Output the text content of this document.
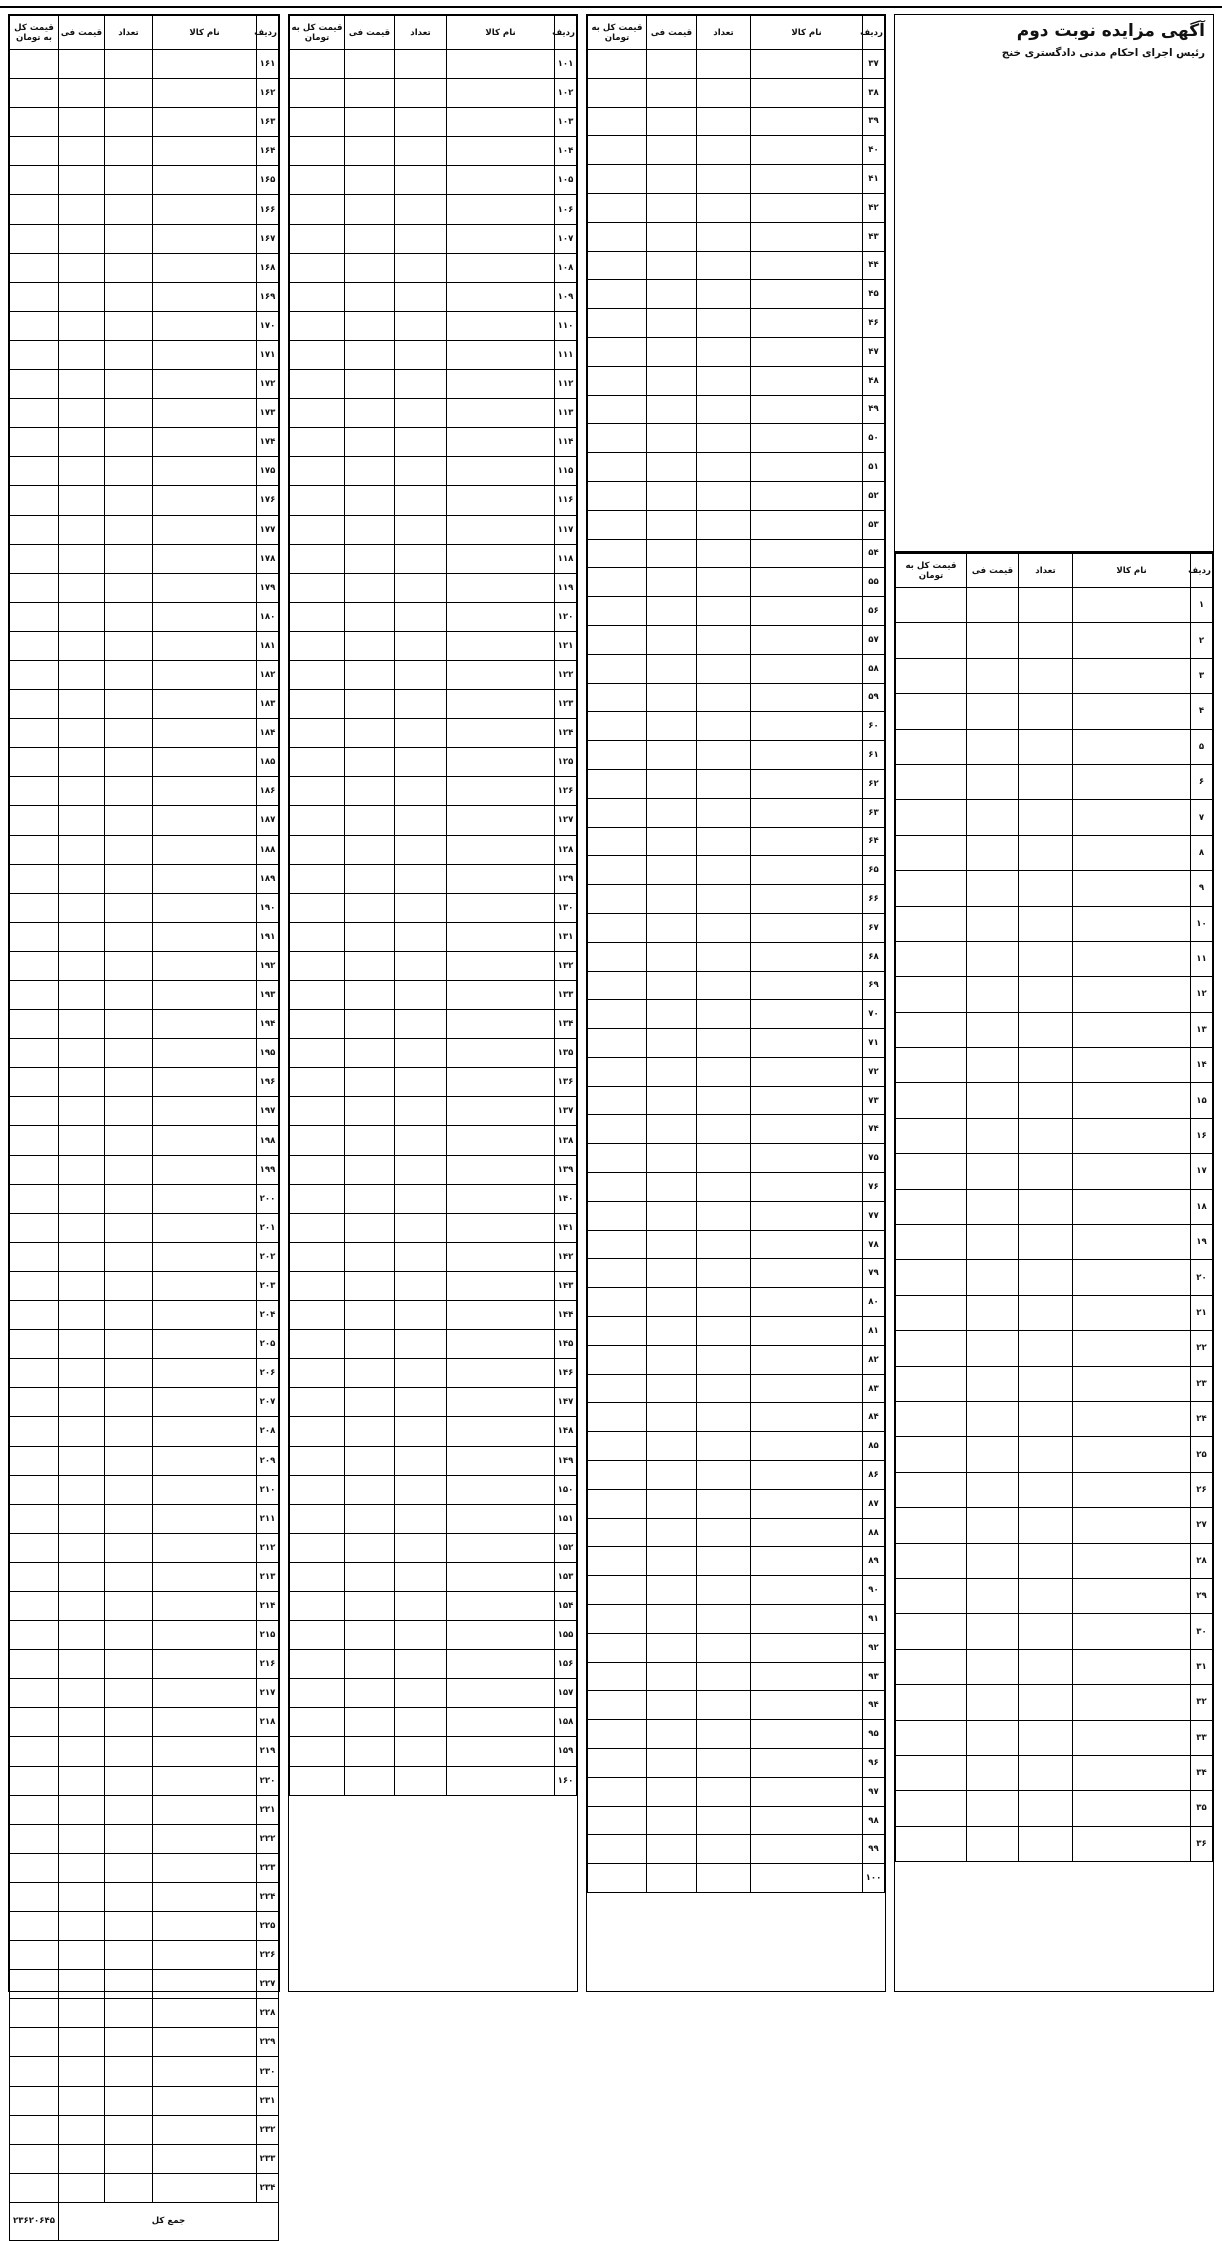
آگهی مزایده نوبت دوم

رئیس اجرای احکام مدنی دادگستری خنج

ردیف	نام کالا	تعداد	قیمت فی	قیمت کل به تومان
۱				
۲				
۳				
۴				
۵				
۶				
۷				
۸				
۹				
۱۰				
۱۱				
۱۲				
۱۳				
۱۴				
۱۵				
۱۶				
۱۷				
۱۸				
۱۹				
۲۰				
۲۱				
۲۲				
۲۳				
۲۴				
۲۵				
۲۶				
۲۷				
۲۸				
۲۹				
۳۰				
۳۱				
۳۲				
۳۳				
۳۴				
۳۵				
۳۶				
ردیف	نام کالا	تعداد	قیمت فی	قیمت کل به تومان
۳۷				
۳۸				
۳۹				
۴۰				
۴۱				
۴۲				
۴۳				
۴۴				
۴۵				
۴۶				
۴۷				
۴۸				
۴۹				
۵۰				
۵۱				
۵۲				
۵۳				
۵۴				
۵۵				
۵۶				
۵۷				
۵۸				
۵۹				
۶۰				
۶۱				
۶۲				
۶۳				
۶۴				
۶۵				
۶۶				
۶۷				
۶۸				
۶۹				
۷۰				
۷۱				
۷۲				
۷۳				
۷۴				
۷۵				
۷۶				
۷۷				
۷۸				
۷۹				
۸۰				
۸۱				
۸۲				
۸۳				
۸۴				
۸۵				
۸۶				
۸۷				
۸۸				
۸۹				
۹۰				
۹۱				
۹۲				
۹۳				
۹۴				
۹۵				
۹۶				
۹۷				
۹۸				
۹۹				
۱۰۰				
ردیف	نام کالا	تعداد	قیمت فی	قیمت کل به تومان
۱۰۱				
۱۰۲				
۱۰۳				
۱۰۴				
۱۰۵				
۱۰۶				
۱۰۷				
۱۰۸				
۱۰۹				
۱۱۰				
۱۱۱				
۱۱۲				
۱۱۳				
۱۱۴				
۱۱۵				
۱۱۶				
۱۱۷				
۱۱۸				
۱۱۹				
۱۲۰				
۱۲۱				
۱۲۲				
۱۲۳				
۱۲۴				
۱۲۵				
۱۲۶				
۱۲۷				
۱۲۸				
۱۲۹				
۱۳۰				
۱۳۱				
۱۳۲				
۱۳۳				
۱۳۴				
۱۳۵				
۱۳۶				
۱۳۷				
۱۳۸				
۱۳۹				
۱۴۰				
۱۴۱				
۱۴۲				
۱۴۳				
۱۴۴				
۱۴۵				
۱۴۶				
۱۴۷				
۱۴۸				
۱۴۹				
۱۵۰				
۱۵۱				
۱۵۲				
۱۵۳				
۱۵۴				
۱۵۵				
۱۵۶				
۱۵۷				
۱۵۸				
۱۵۹				
۱۶۰				
ردیف	نام کالا	تعداد	قیمت فی	قیمت کل به تومان
۱۶۱				
۱۶۲				
۱۶۳				
۱۶۴				
۱۶۵				
۱۶۶				
۱۶۷				
۱۶۸				
۱۶۹				
۱۷۰				
۱۷۱				
۱۷۲				
۱۷۳				
۱۷۴				
۱۷۵				
۱۷۶				
۱۷۷				
۱۷۸				
۱۷۹				
۱۸۰				
۱۸۱				
۱۸۲				
۱۸۳				
۱۸۴				
۱۸۵				
۱۸۶				
۱۸۷				
۱۸۸				
۱۸۹				
۱۹۰				
۱۹۱				
۱۹۲				
۱۹۳				
۱۹۴				
۱۹۵				
۱۹۶				
۱۹۷				
۱۹۸				
۱۹۹				
۲۰۰				
۲۰۱				
۲۰۲				
۲۰۳				
۲۰۴				
۲۰۵				
۲۰۶				
۲۰۷				
۲۰۸				
۲۰۹				
۲۱۰				
۲۱۱				
۲۱۲				
۲۱۳				
۲۱۴				
۲۱۵				
۲۱۶				
۲۱۷				
۲۱۸				
۲۱۹				
۲۲۰				
۲۲۱				
۲۲۲				
۲۲۳				
۲۲۴				
۲۲۵				
۲۲۶				
۲۲۷				
۲۲۸				
۲۲۹				
۲۳۰				
۲۳۱				
۲۳۲				
۲۳۳				
۲۳۴				
جمع کل				۲۳۶۲۰۶۴۵
